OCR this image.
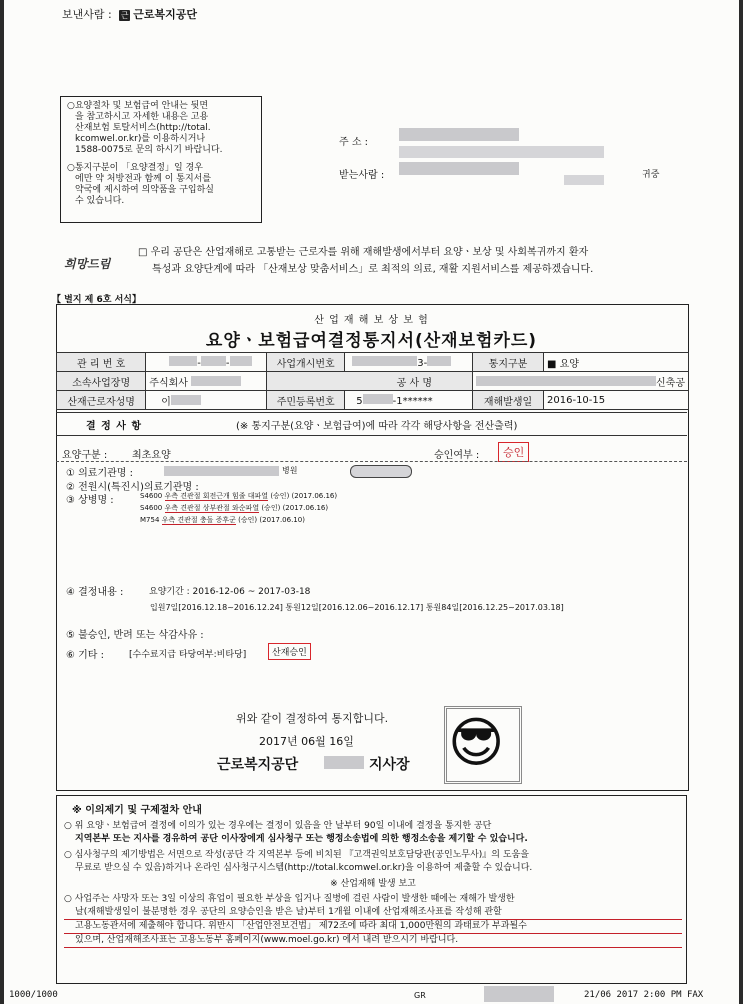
보낸사람 : 근 근로복지공단
○요양절차 및 보험급여 안내는 뒷면
을 참고하시고 자세한 내용은 고용
산재보험 토탈서비스(http://total.
kcomwel.or.kr)를 이용하시거나
1588-0075로 문의 하시기 바랍니다.
○통지구분이 「요양결정」일 경우
에만 약 처방전과 함께 이 통지서를
약국에 제시하여 의약품을 구입하실
수 있습니다.
주 소 :
받는사람 :	귀중
희망드림
□ 우리 공단은 산업재해로 고통받는 근로자를 위해 재해발생에서부터 요양ㆍ보상 및 사회복귀까지 환자
특성과 요양단계에 따라 「산재보상 맞춤서비스」로 최적의 의료, 재활 지원서비스를 제공하겠습니다.
【 별지 제 6호 서식】
산 업 재 해 보 상 보 험
요양ㆍ보험급여결정통지서(산재보험카드)
관 리 번 호	- -	사업개시번호	3-	통지구분	■ 요양
소속사업장명	주식회사	공 사 명		신축공	
산재근로자성명	이	주민등록번호	5 -1******	재해발생일	2016-10-15
결 정 사 항	(※ 통지구분(요양ㆍ보험급여)에 따라 각각 해당사항을 전산출력)
요양구분 : 최초요양	승인여부 :	승인
① 의료기관명 :	병원
② 전원시(특진시)의료기관명 :
③ 상병명 :	S4600 우측 견관절 회전근개 힘줄 대파열 (승인) (2017.06.16)
S4600 우측 견관절 상부관절 와순파열 (승인) (2017.06.16)
M754 우측 견관절 충돌 증후군 (승인) (2017.06.10)
④ 결정내용 :	요양기간 : 2016-12-06 ~ 2017-03-18
입원7일[2016.12.18~2016.12.24] 통원12일[2016.12.06~2016.12.17] 통원84일[2016.12.25~2017.03.18]
⑤ 불승인, 반려 또는 삭감사유 :
⑥ 기타 :	[수수료지급 타당여부:비타당]	산재승인
위와 같이 결정하여 통지합니다.
2017년 06월 16일
근로복지공단	지사장 😎
※ 이의제기 및 구제절차 안내
○ 위 요양ㆍ보험급여 결정에 이의가 있는 경우에는 결정이 있음을 안 날부터 90일 이내에 결정을 통지한 공단
지역본부 또는 지사를 경유하여 공단 이사장에게 심사청구 또는 행정소송법에 의한 행정소송을 제기할 수 있습니다.
○ 심사청구의 제기방법은 서면으로 작성(공단 각 지역본부 등에 비치된 『고객권익보호담당관(공인노무사)』의 도움을
무료로 받으실 수 있음)하거나 온라인 심사청구시스템(http://total.kcomwel.or.kr)을 이용하여 제출할 수 있습니다.
※ 산업재해 발생 보고
○ 사업주는 사망자 또는 3일 이상의 휴업이 필요한 부상을 입거나 질병에 걸린 사람이 발생한 때에는 재해가 발생한
날(재해발생일이 불분명한 경우 공단의 요양승인을 받은 날)부터 1개월 이내에 산업재해조사표를 작성해 관할
고용노동관서에 제출해야 합니다. 위반시 「산업안전보건법」 제72조에 따라 최대 1,000만원의 과태료가 부과될수
있으며, 산업재해조사표는 고용노동부 홈페이지(www.moel.go.kr) 에서 내려 받으시기 바랍니다.
1000/1000	GR	21/06 2017 2:00 PM FAX
